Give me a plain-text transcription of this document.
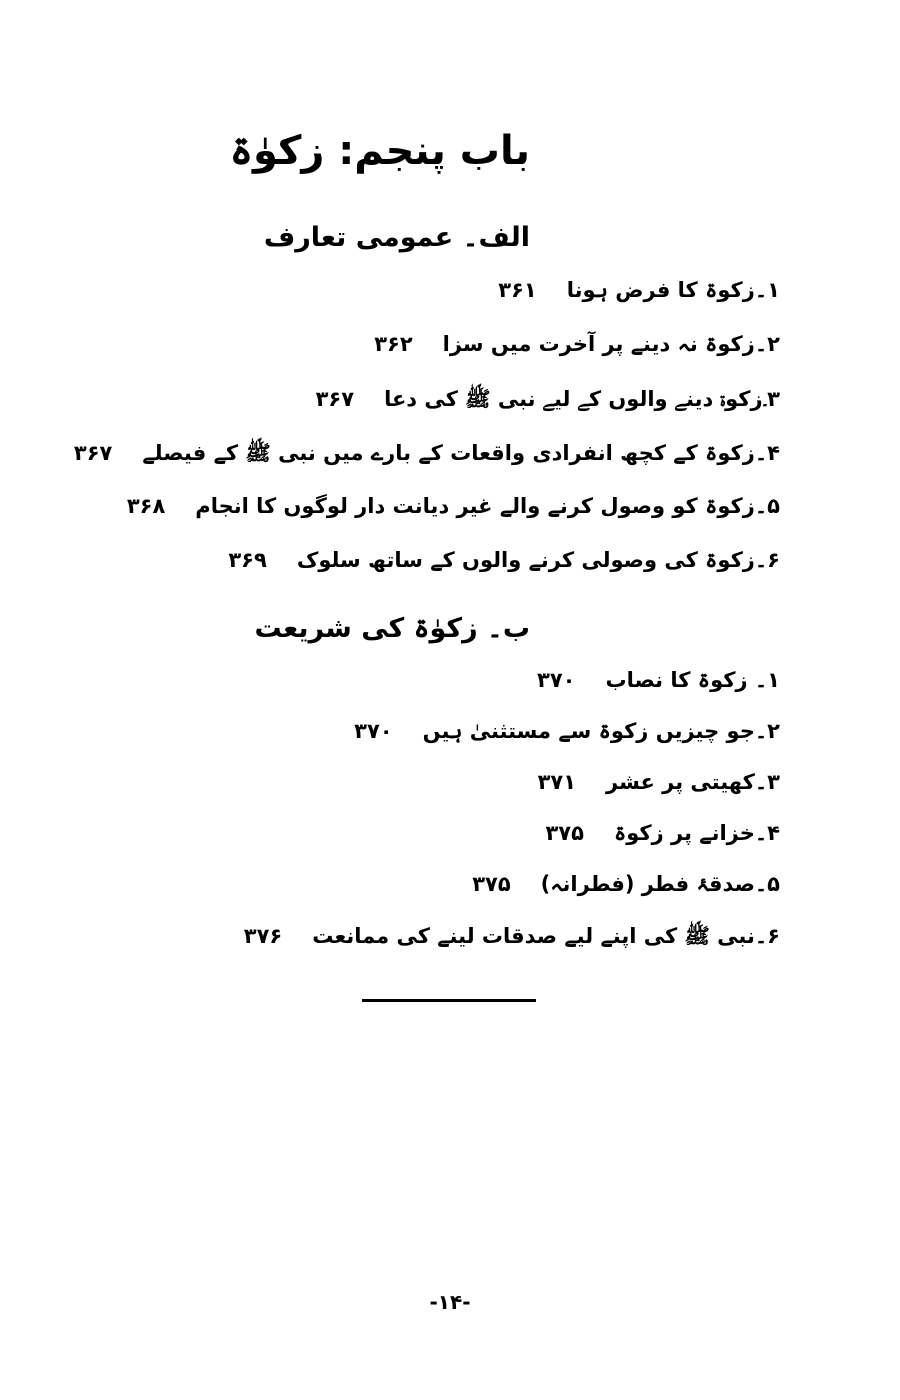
باب پنجم: زکوٰۃ
الف۔ عمومی تعارف
۱۔زکوۃ کا فرض ہونا
۳۶۱
۲۔زکوۃ نہ دینے پر آخرت میں سزا
۳۶۲
۳۔زکوۃ دینے والوں کے لیے نبی ﷺ کی دعا
۳۶۷
۴۔زکوۃ کے کچھ انفرادی واقعات کے بارے میں نبی ﷺ کے فیصلے
۳۶۷
۵۔زکوۃ کو وصول کرنے والے غیر دیانت دار لوگوں کا انجام
۳۶۸
۶۔زکوۃ کی وصولی کرنے والوں کے ساتھ سلوک
۳۶۹
ب۔ زکوٰۃ کی شریعت
۱۔ زکوۃ کا نصاب
۳۷۰
۲۔جو چیزیں زکوۃ سے مستثنیٰ ہیں
۳۷۰
۳۔کھیتی پر عشر
۳۷۱
۴۔خزانے پر زکوۃ
۳۷۵
۵۔صدقۂ فطر (فطرانہ)
۳۷۵
۶۔نبی ﷺ کی اپنے لیے صدقات لینے کی ممانعت
۳۷۶
-۱۴-
